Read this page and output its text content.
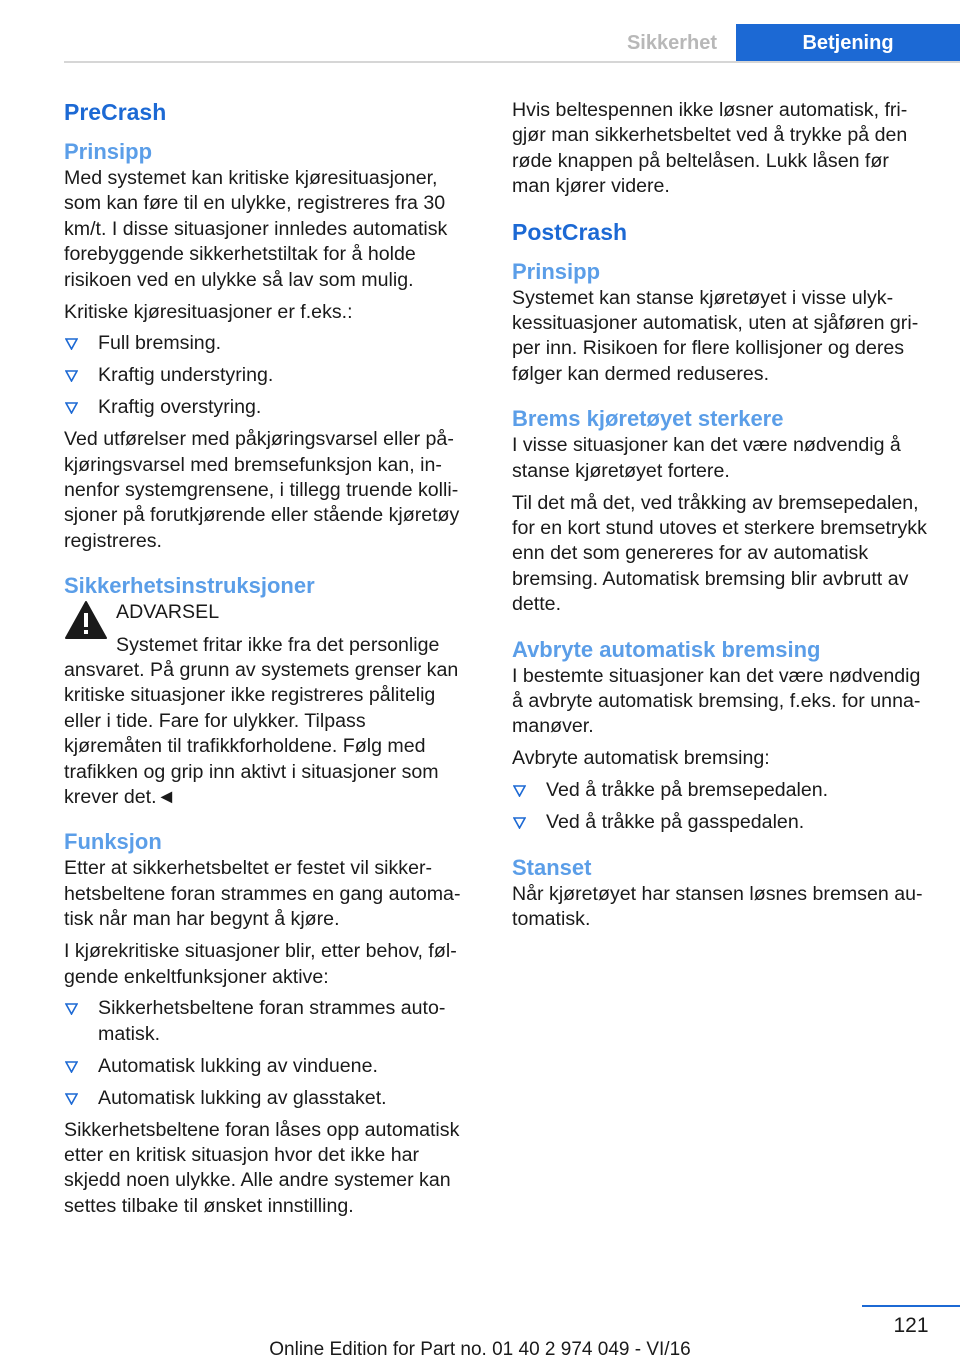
Sikkerhet	Betjening
PreCrash
Prinsipp

Med systemet kan kritiske kjøresituasjoner, som kan føre til en ulykke, registreres fra 30 km/t. I disse situasjoner innledes automatisk forebyggende sikkerhetstiltak for å holde risikoen ved en ulykke så lav som mulig.

Kritiske kjøresituasjoner er f.eks.:

Full bremsing.
Kraftig understyring.
Kraftig overstyring.

Ved utførelser med påkjøringsvarsel eller påkjøringsvarsel med bremsefunksjon kan, innenfor systemgrensene, i tillegg truende kollisjoner på forutkjørende eller stående kjøretøy registreres.

Sikkerhetsinstruksjoner
ADVARSEL

Systemet fritar ikke fra det personlige ansvaret. På grunn av systemets grenser kan kritiske situasjoner ikke registreres pålitelig eller i tide. Fare for ulykker. Tilpass kjøremåten til trafikkforholdene. Følg med trafikken og grip inn aktivt i situasjoner som krever det.◄

Funksjon

Etter at sikkerhetsbeltet er festet vil sikkerhetsbeltene foran strammes en gang automatisk når man har begynt å kjøre.

I kjørekritiske situasjoner blir, etter behov, følgende enkeltfunksjoner aktive:

Sikkerhetsbeltene foran strammes automatisk.
Automatisk lukking av vinduene.
Automatisk lukking av glasstaket.

Sikkerhetsbeltene foran låses opp automatisk etter en kritisk situasjon hvor det ikke har skjedd noen ulykke. Alle andre systemer kan settes tilbake til ønsket innstilling.

Hvis beltespennen ikke løsner automatisk, frigjør man sikkerhetsbeltet ved å trykke på den røde knappen på beltelåsen. Lukk låsen før man kjører videre.

PostCrash
Prinsipp

Systemet kan stanse kjøretøyet i visse ulykkessituasjoner automatisk, uten at sjåføren griper inn. Risikoen for flere kollisjoner og deres følger kan dermed reduseres.

Brems kjøretøyet sterkere

I visse situasjoner kan det være nødvendig å stanse kjøretøyet fortere.

Til det må det, ved tråkking av bremsepedalen, for en kort stund utoves et sterkere bremsetrykk enn det som genereres for av automatisk bremsing. Automatisk bremsing blir avbrutt av dette.

Avbryte automatisk bremsing

I bestemte situasjoner kan det være nødvendig å avbryte automatisk bremsing, f.eks. for unnamanøver.

Avbryte automatisk bremsing:

Ved å tråkke på bremsepedalen.
Ved å tråkke på gasspedalen.
Stanset

Når kjøretøyet har stansen løsnes bremsen automatisk.

121
Online Edition for Part no. 01 40 2 974 049 - VI/16
